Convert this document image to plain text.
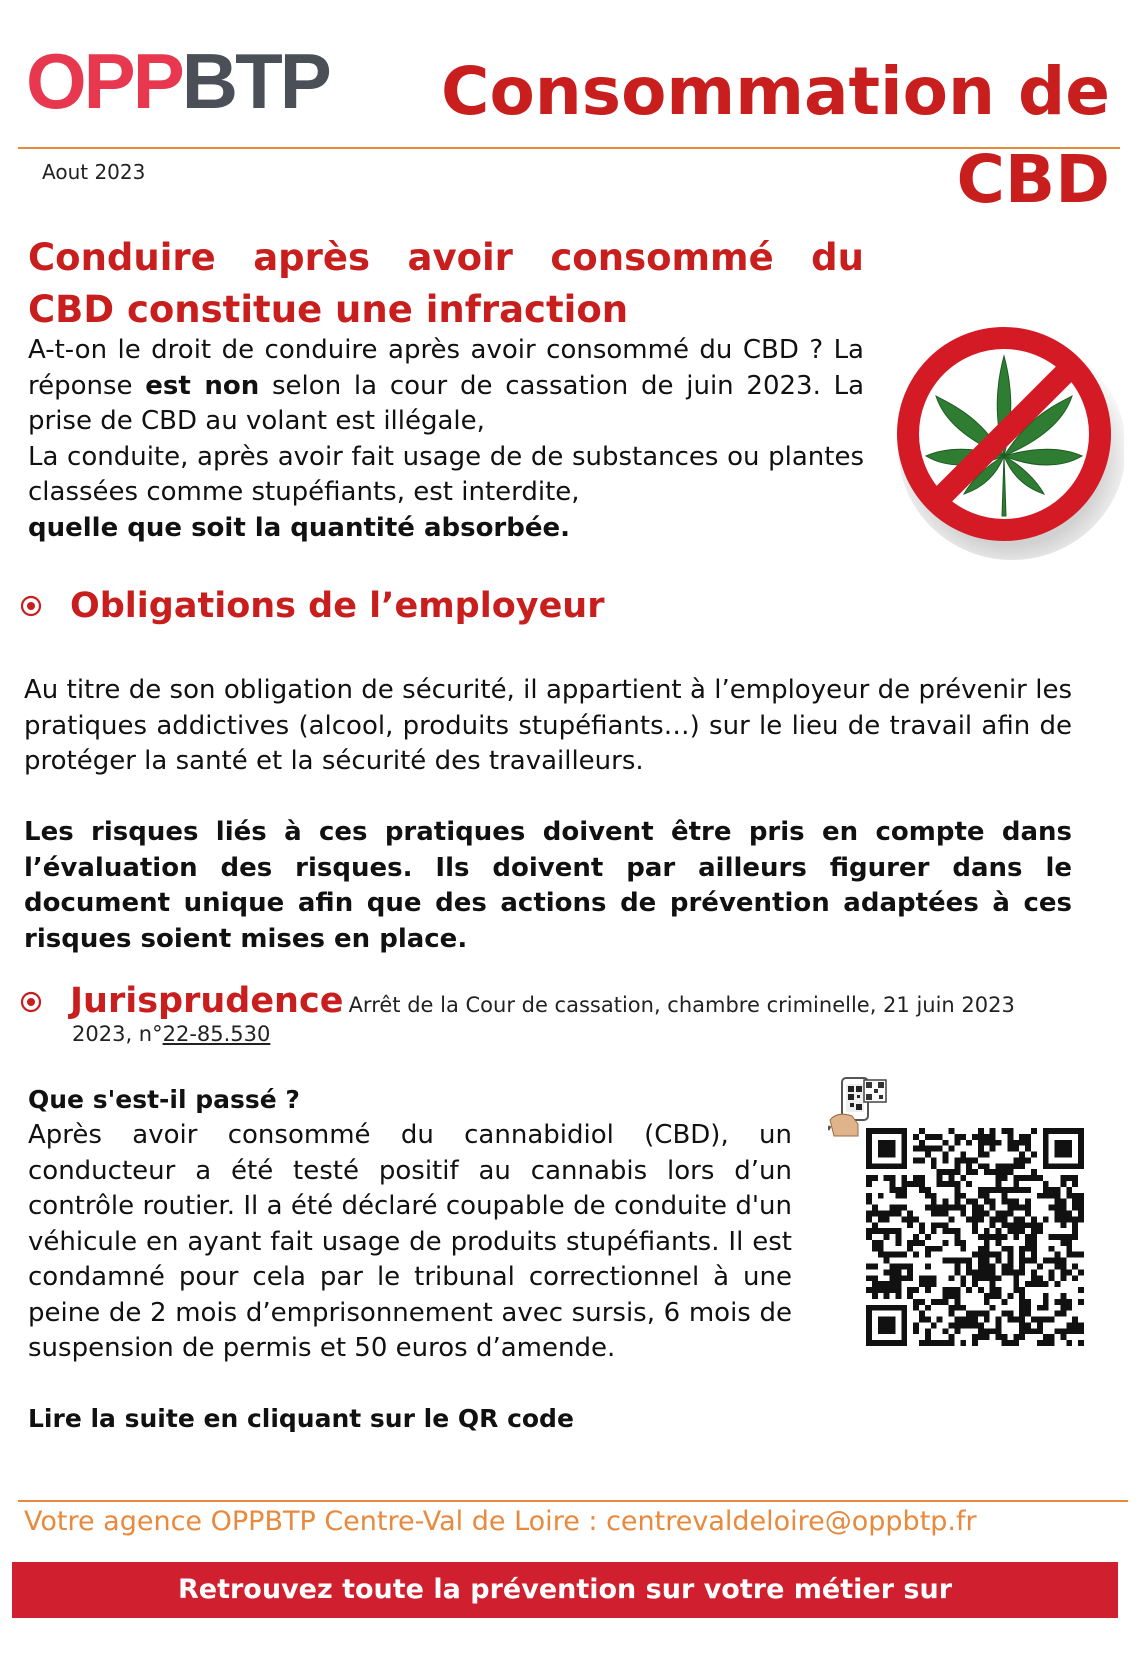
OPPBTP	Consommation de CBD
Aout 2023
Conduire après avoir consommé du CBD constitue une infraction
A-t-on le droit de conduire après avoir consommé du CBD ? La réponse est non selon la cour de cassation de juin 2023. La prise de CBD au volant est illégale,
La conduite, après avoir fait usage de de substances ou plantes classées comme stupéfiants, est interdite,
quelle que soit la quantité absorbée.
Obligations de l’employeur
Au titre de son obligation de sécurité, il appartient à l’employeur de prévenir les pratiques addictives (alcool, produits stupéfiants…) sur le lieu de travail afin de protéger la santé et la sécurité des travailleurs.
Les risques liés à ces pratiques doivent être pris en compte dans l’évaluation des risques. Ils doivent par ailleurs figurer dans le document unique afin que des actions de prévention adaptées à ces risques soient mises en place.
Jurisprudence Arrêt de la Cour de cassation, chambre criminelle, 21 juin 2023
2023, n°22-85.530
Que s'est-il passé ?
Après avoir consommé du cannabidiol (CBD), un conducteur a été testé positif au cannabis lors d’un contrôle routier. Il a été déclaré coupable de conduite d'un véhicule en ayant fait usage de produits stupéfiants. Il est condamné pour cela par le tribunal correctionnel à une peine de 2 mois d’emprisonnement avec sursis, 6 mois de suspension de permis et 50 euros d’amende.
Lire la suite en cliquant sur le QR code
Votre agence OPPBTP Centre-Val de Loire : centrevaldeloire@oppbtp.fr
Retrouvez toute la prévention sur votre métier sur www.preventionbtp.fr
